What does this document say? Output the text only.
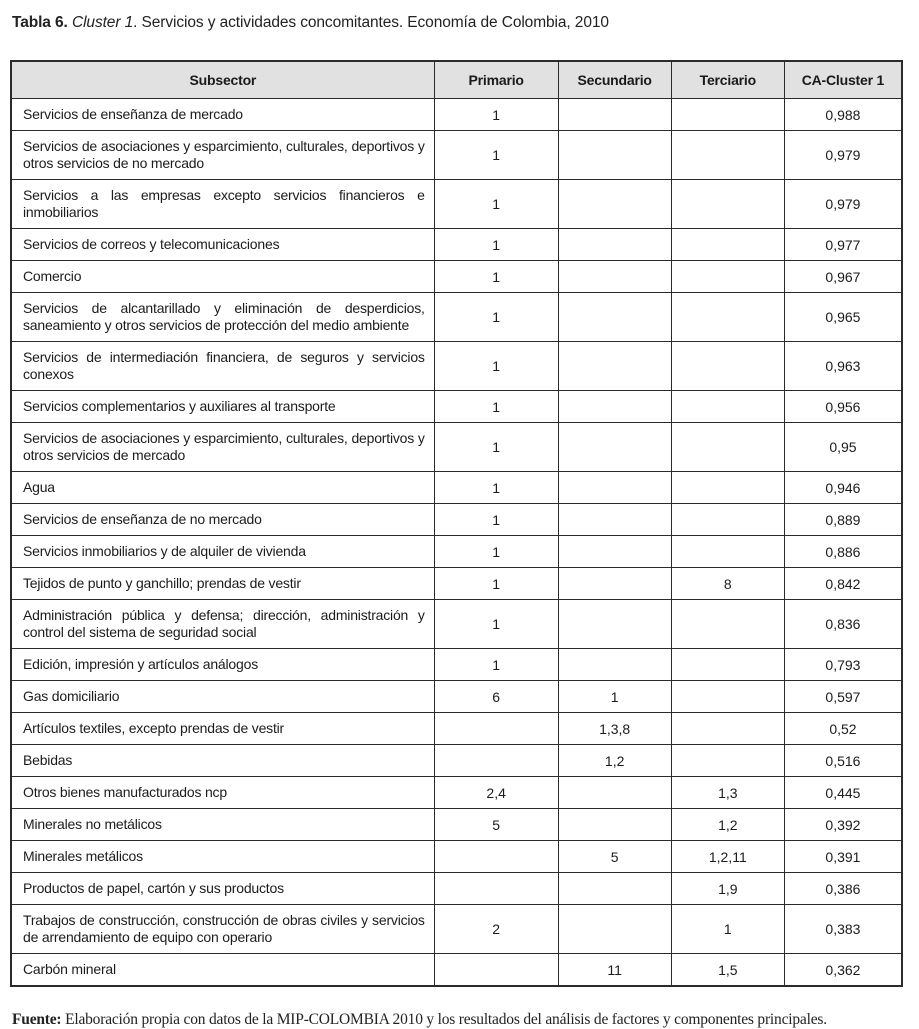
Tabla 6. Cluster 1. Servicios y actividades concomitantes. Economía de Colombia, 2010

Subsector	Primario	Secundario	Terciario	CA-Cluster 1
Servicios de enseñanza de mercado	1			0,988
Servicios de asociaciones y esparcimiento, culturales, deportivos y otros servicios de no mercado	1			0,979
Servicios a las empresas excepto servicios financieros e inmobiliarios	1			0,979
Servicios de correos y telecomunicaciones	1			0,977
Comercio	1			0,967
Servicios de alcantarillado y eliminación de desperdicios, saneamiento y otros servicios de protección del medio ambiente	1			0,965
Servicios de intermediación financiera, de seguros y servicios conexos	1			0,963
Servicios complementarios y auxiliares al transporte	1			0,956
Servicios de asociaciones y esparcimiento, culturales, deportivos y otros servicios de mercado	1			0,95
Agua	1			0,946
Servicios de enseñanza de no mercado	1			0,889
Servicios inmobiliarios y de alquiler de vivienda	1			0,886
Tejidos de punto y ganchillo; prendas de vestir	1		8	0,842
Administración pública y defensa; dirección, administración y control del sistema de seguridad social	1			0,836
Edición, impresión y artículos análogos	1			0,793
Gas domiciliario	6	1		0,597
Artículos textiles, excepto prendas de vestir		1,3,8		0,52
Bebidas		1,2		0,516
Otros bienes manufacturados ncp	2,4		1,3	0,445
Minerales no metálicos	5		1,2	0,392
Minerales metálicos		5	1,2,11	0,391
Productos de papel, cartón y sus productos			1,9	0,386
Trabajos de construcción, construcción de obras civiles y servicios de arrendamiento de equipo con operario	2		1	0,383
Carbón mineral		11	1,5	0,362

Fuente: Elaboración propia con datos de la MIP-COLOMBIA 2010 y los resultados del análisis de factores y componentes principales.
